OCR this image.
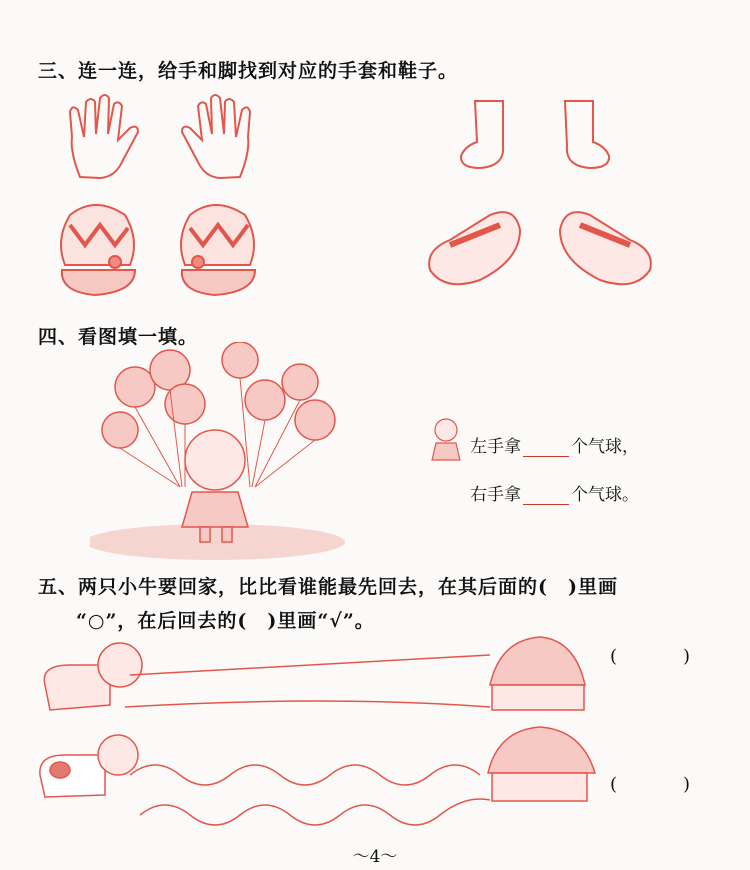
三、连一连，给手和脚找到对应的手套和鞋子。
四、看图填一填。
左手拿	个气球，
右手拿	个气球。
五、两只小牛要回家，比比看谁能最先回去，在其后面的( )里画
“○”，在后回去的( )里画“√”。
(	)
(	)
～4～
